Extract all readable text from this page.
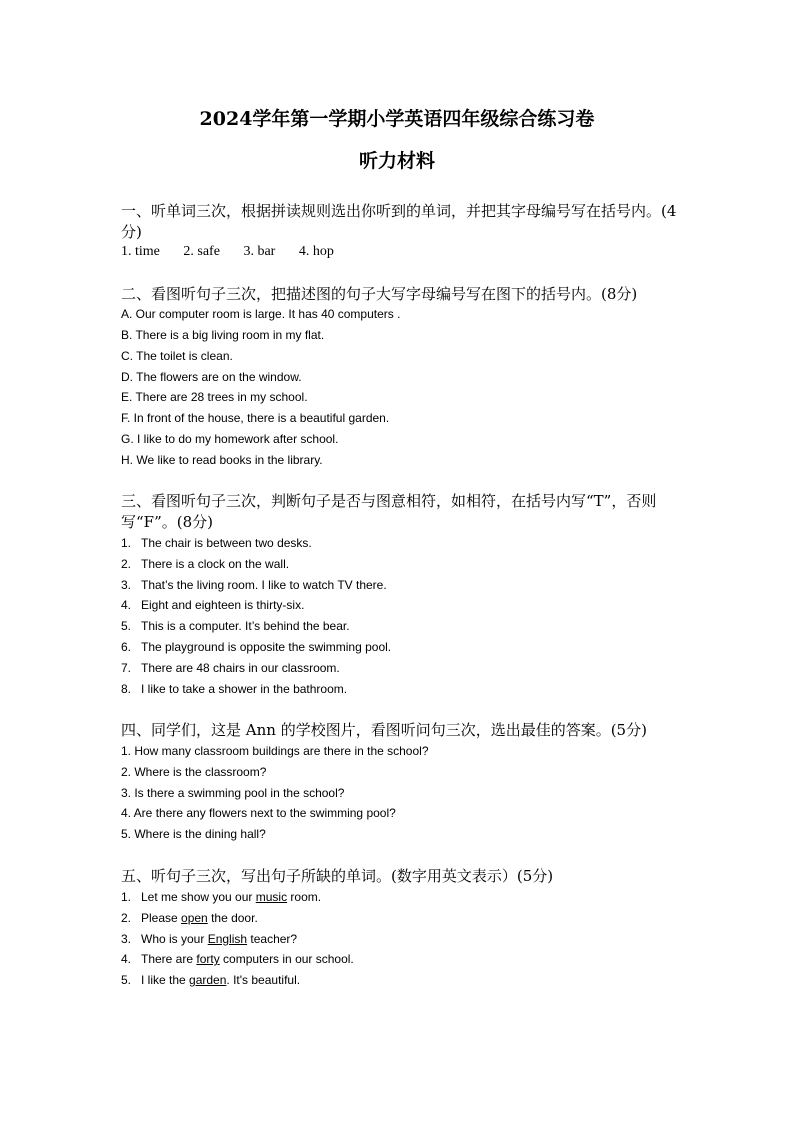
2024学年第一学期小学英语四年级综合练习卷
听力材料
一、听单词三次，根据拼读规则选出你听到的单词，并把其字母编号写在括号内。(4分)
1. time 2. safe 3. bar 4. hop
二、看图听句子三次，把描述图的句子大写字母编号写在图下的括号内。(8分)
A. Our computer room is large. It has 40 computers .
B. There is a big living room in my flat.
C. The toilet is clean.
D. The flowers are on the window.
E. There are 28 trees in my school.
F. In front of the house, there is a beautiful garden.
G. I like to do my homework after school.
H. We like to read books in the library.
三、看图听句子三次，判断句子是否与图意相符，如相符，在括号内写“T”，否则写“F”。(8分)
1. The chair is between two desks.
2. There is a clock on the wall.
3. That’s the living room. I like to watch TV there.
4. Eight and eighteen is thirty-six.
5. This is a computer. It’s behind the bear.
6. The playground is opposite the swimming pool.
7. There are 48 chairs in our classroom.
8. I like to take a shower in the bathroom.
四、同学们，这是 Ann 的学校图片，看图听问句三次，选出最佳的答案。(5分)
1. How many classroom buildings are there in the school?
2. Where is the classroom?
3. Is there a swimming pool in the school?
4. Are there any flowers next to the swimming pool?
5. Where is the dining hall?
五、听句子三次，写出句子所缺的单词。(数字用英文表示）(5分)
1. Let me show you our music room.
2. Please open the door.
3. Who is your English teacher?
4. There are forty computers in our school.
5. I like the garden. It's beautiful.
